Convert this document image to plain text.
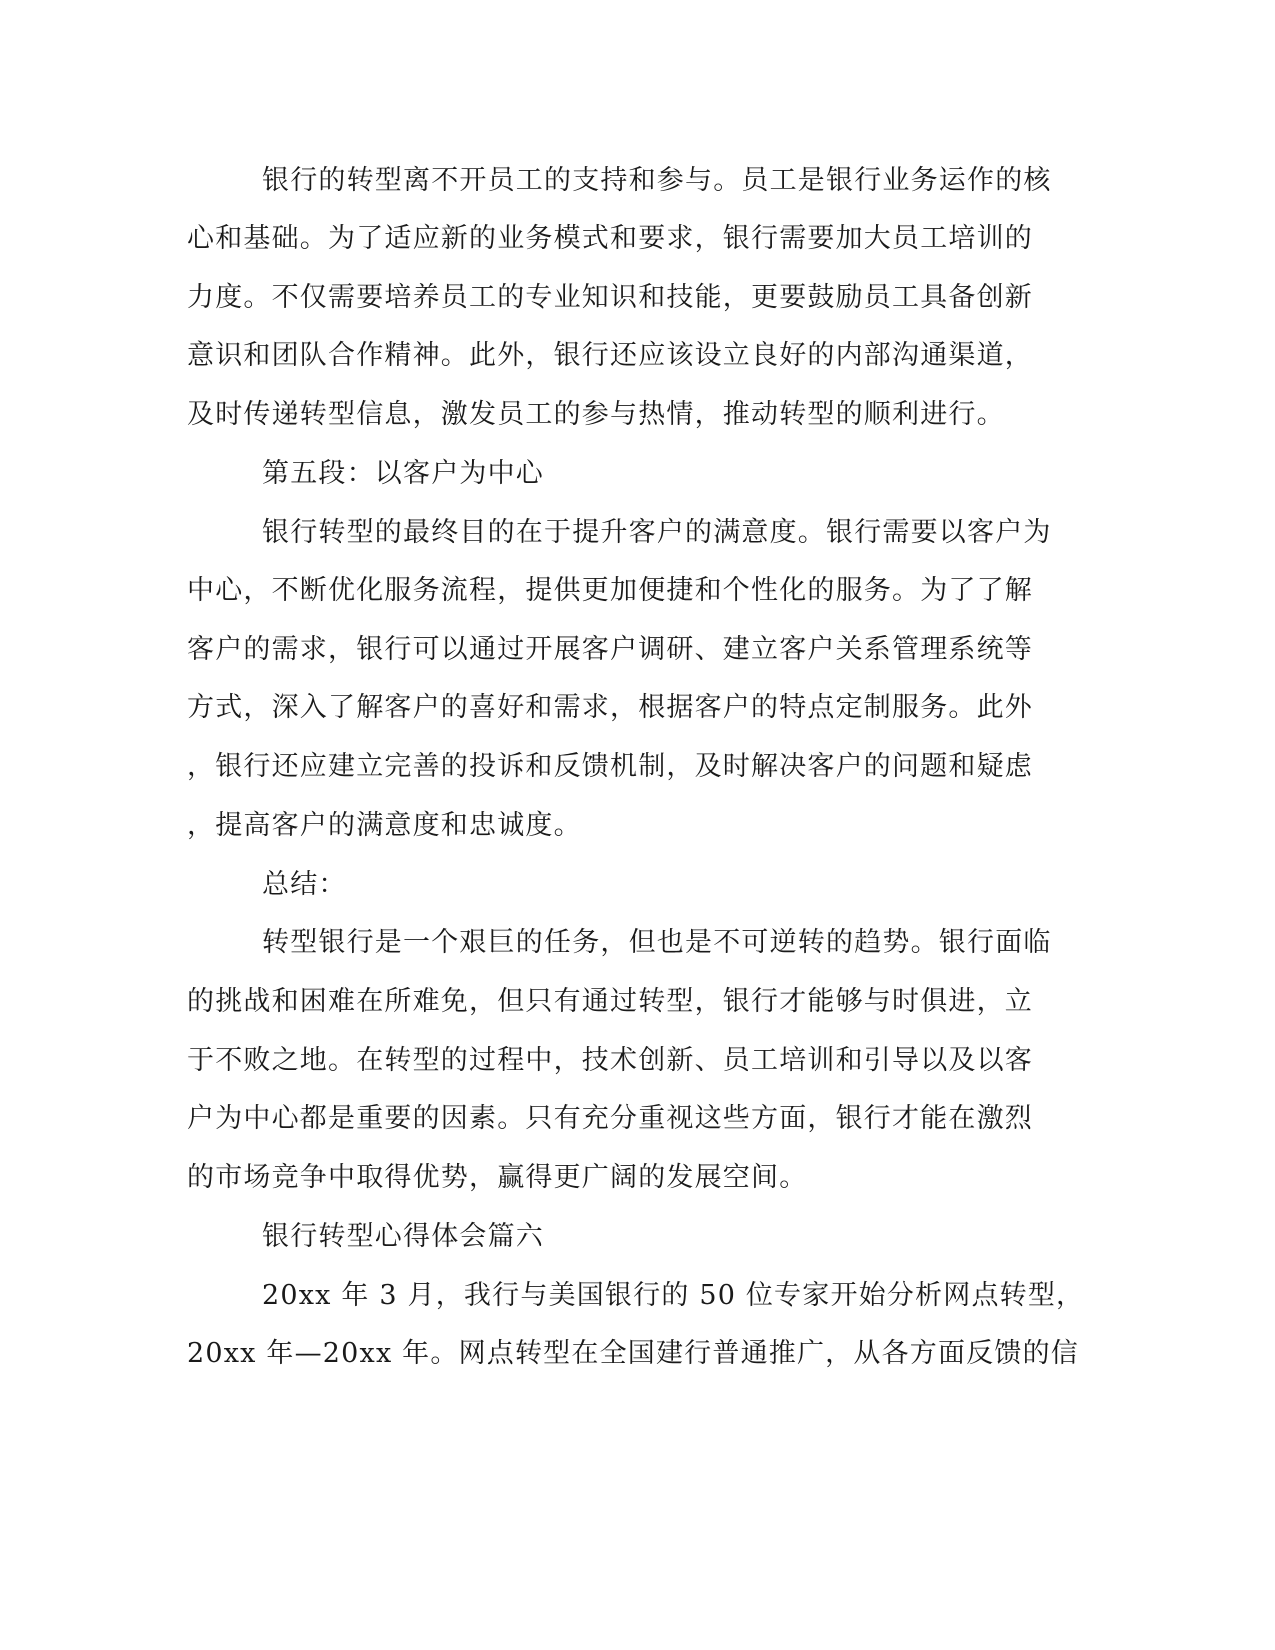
银行的转型离不开员工的支持和参与。员工是银行业务运作的核
心和基础。为了适应新的业务模式和要求，银行需要加大员工培训的
力度。不仅需要培养员工的专业知识和技能，更要鼓励员工具备创新
意识和团队合作精神。此外，银行还应该设立良好的内部沟通渠道，
及时传递转型信息，激发员工的参与热情，推动转型的顺利进行。
第五段：以客户为中心
银行转型的最终目的在于提升客户的满意度。银行需要以客户为
中心，不断优化服务流程，提供更加便捷和个性化的服务。为了了解
客户的需求，银行可以通过开展客户调研、建立客户关系管理系统等
方式，深入了解客户的喜好和需求，根据客户的特点定制服务。此外
，银行还应建立完善的投诉和反馈机制，及时解决客户的问题和疑虑
，提高客户的满意度和忠诚度。
总结：
转型银行是一个艰巨的任务，但也是不可逆转的趋势。银行面临
的挑战和困难在所难免，但只有通过转型，银行才能够与时俱进，立
于不败之地。在转型的过程中，技术创新、员工培训和引导以及以客
户为中心都是重要的因素。只有充分重视这些方面，银行才能在激烈
的市场竞争中取得优势，赢得更广阔的发展空间。
银行转型心得体会篇六
20xx 年 3 月，我行与美国银行的 50 位专家开始分析网点转型，
20xx 年—20xx 年。网点转型在全国建行普通推广，从各方面反馈的信
